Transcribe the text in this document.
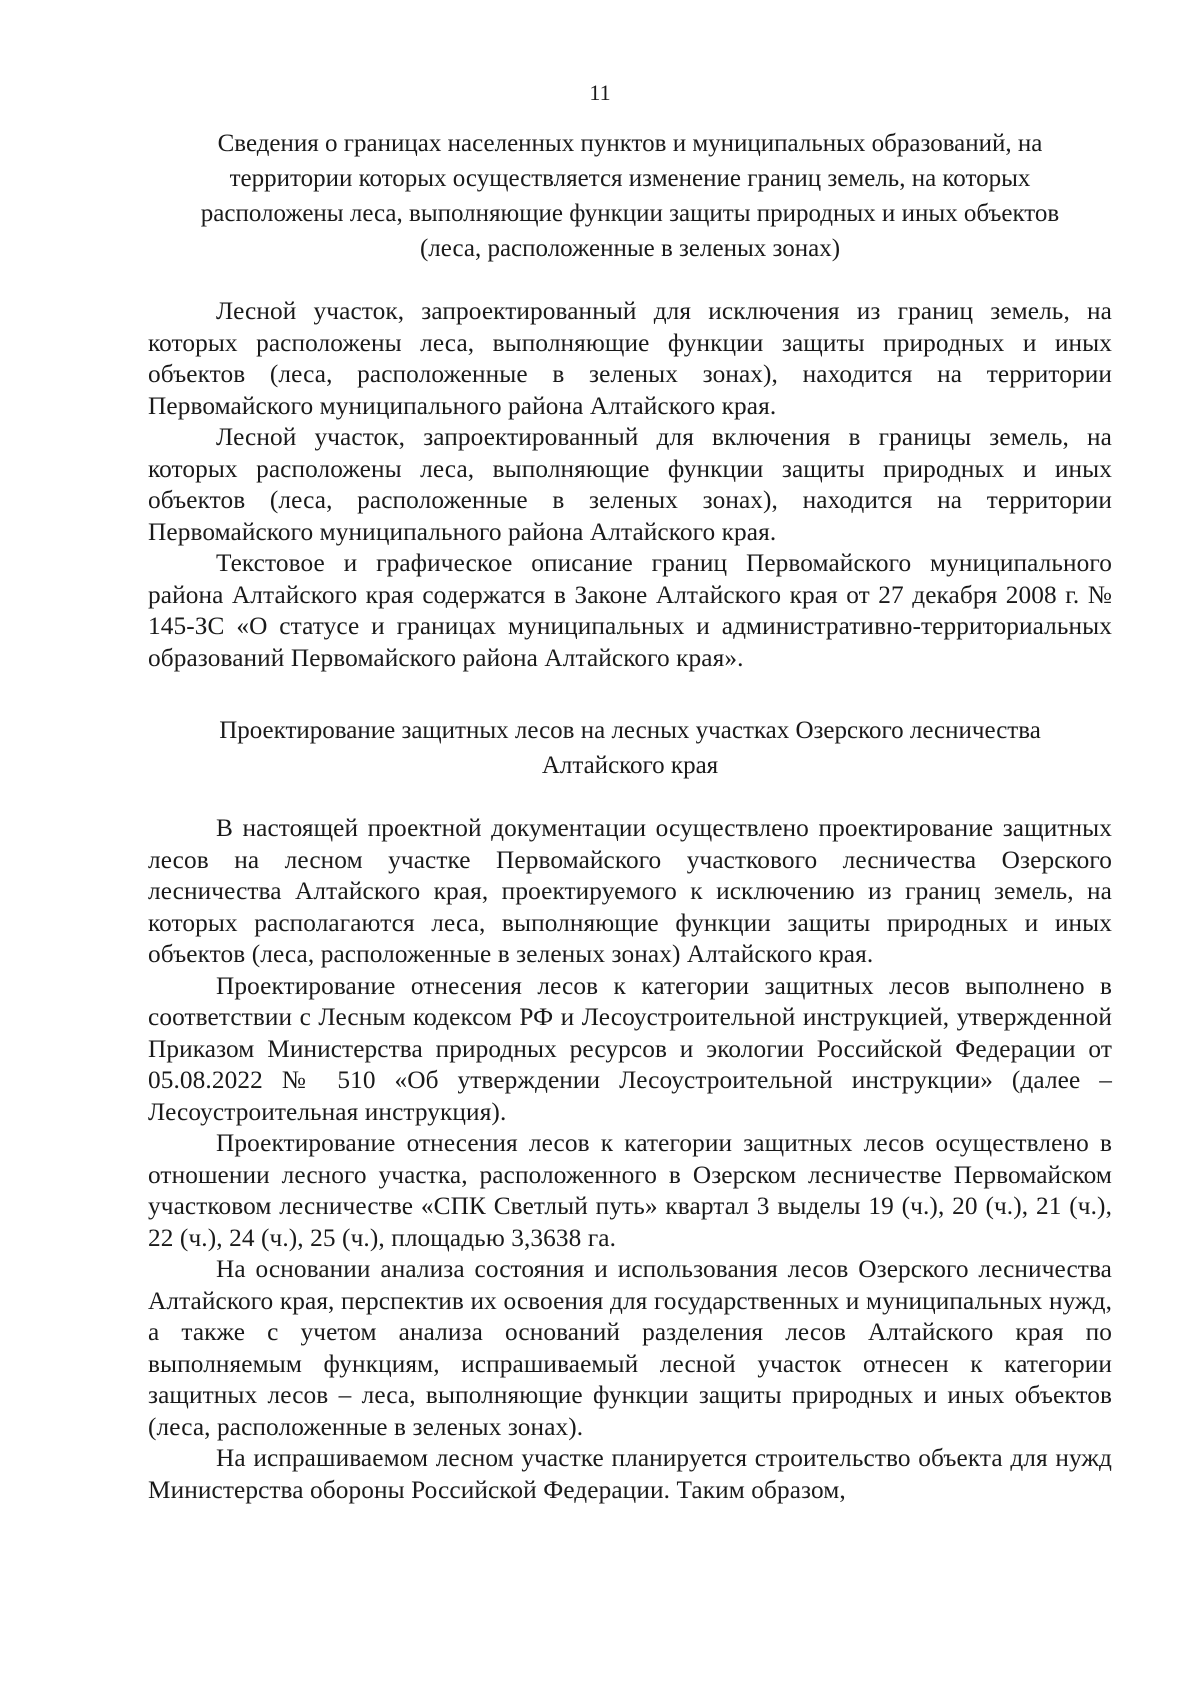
11
Сведения о границах населенных пунктов и муниципальных образований, на территории которых осуществляется изменение границ земель, на которых расположены леса, выполняющие функции защиты природных и иных объектов (леса, расположенные в зеленых зонах)

Лесной участок, запроектированный для исключения из границ земель, на которых расположены леса, выполняющие функции защиты природных и иных объектов (леса, расположенные в зеленых зонах), находится на территории Первомайского муниципального района Алтайского края.

Лесной участок, запроектированный для включения в границы земель, на которых расположены леса, выполняющие функции защиты природных и иных объектов (леса, расположенные в зеленых зонах), находится на территории Первомайского муниципального района Алтайского края.

Текстовое и графическое описание границ Первомайского муниципального района Алтайского края содержатся в Законе Алтайского края от 27 декабря 2008 г. № 145-ЗС «О статусе и границах муниципальных и административно-территориальных образований Первомайского района Алтайского края».

Проектирование защитных лесов на лесных участках Озерского лесничества Алтайского края

В настоящей проектной документации осуществлено проектирование защитных лесов на лесном участке Первомайского участкового лесничества Озерского лесничества Алтайского края, проектируемого к исключению из границ земель, на которых располагаются леса, выполняющие функции защиты природных и иных объектов (леса, расположенные в зеленых зонах) Алтайского края.

Проектирование отнесения лесов к категории защитных лесов выполнено в соответствии с Лесным кодексом РФ и Лесоустроительной инструкцией, утвержденной Приказом Министерства природных ресурсов и экологии Российской Федерации от 05.08.2022 № 510 «Об утверждении Лесоустроительной инструкции» (далее – Лесоустроительная инструкция).

Проектирование отнесения лесов к категории защитных лесов осуществлено в отношении лесного участка, расположенного в Озерском лесничестве Первомайском участковом лесничестве «СПК Светлый путь» квартал 3 выделы 19 (ч.), 20 (ч.), 21 (ч.), 22 (ч.), 24 (ч.), 25 (ч.), площадью 3,3638 га.

На основании анализа состояния и использования лесов Озерского лесничества Алтайского края, перспектив их освоения для государственных и муниципальных нужд, а также с учетом анализа оснований разделения лесов Алтайского края по выполняемым функциям, испрашиваемый лесной участок отнесен к категории защитных лесов – леса, выполняющие функции защиты природных и иных объектов (леса, расположенные в зеленых зонах).

На испрашиваемом лесном участке планируется строительство объекта для нужд Министерства обороны Российской Федерации. Таким образом,
